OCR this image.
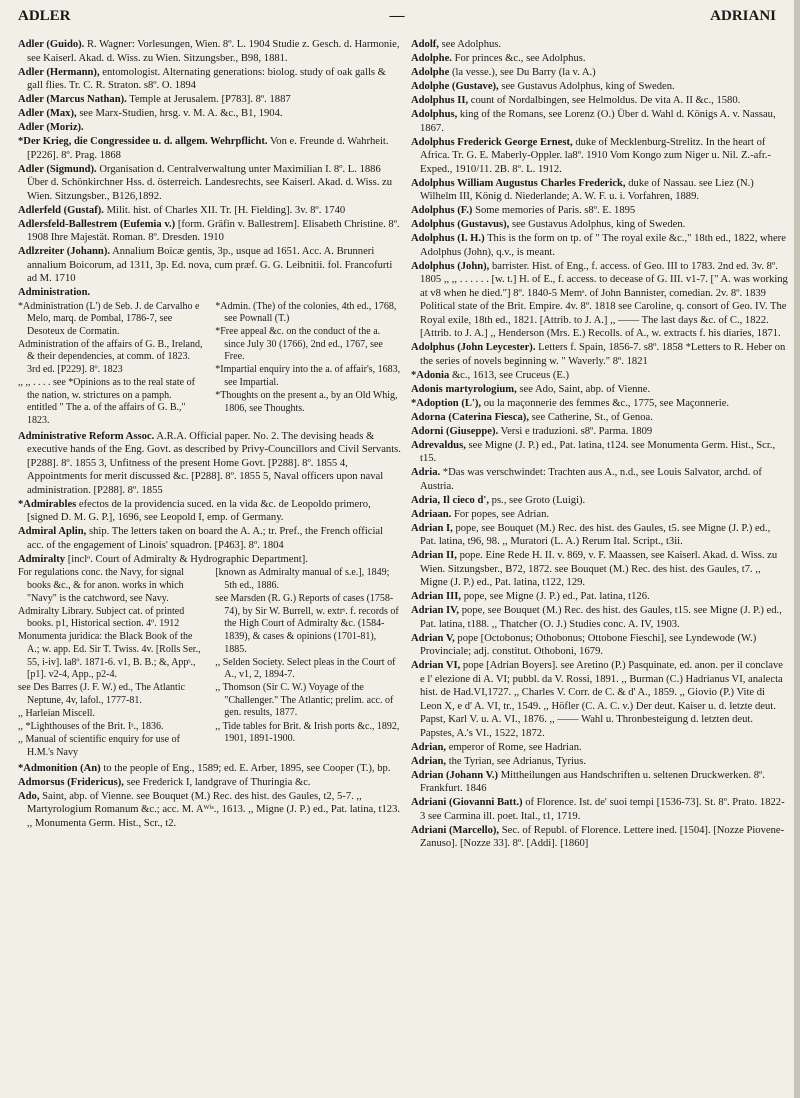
ADLER	—	ADRIANI
Adler (Guido). R. Wagner: Vorlesungen, Wien. 8º. L. 1904 Studie z. Gesch. d. Harmonie, see Kaiserl. Akad. d. Wiss. zu Wien. Sitzungsber., B98, 1881.
Adler (Hermann), entomologist. Alternating generations: biolog. study of oak galls & gall flies. Tr. C. R. Straton. s8º. O. 1894
Adler (Marcus Nathan). Temple at Jerusalem. [P783]. 8º. 1887
Adler (Max), see Marx-Studien, hrsg. v. M. A. &c., B1, 1904.
Adler (Moriz).
*Der Krieg, die Congressidee u. d. allgem. Wehrpflicht. Von e. Freunde d. Wahrheit. [P226]. 8º. Prag. 1868
Adler (Sigmund). Organisation d. Centralverwaltung unter Maximilian I. 8º. L. 1886 Über d. Schönkirchner Hss. d. österreich. Landesrechts, see Kaiserl. Akad. d. Wiss. zu Wien. Sitzungsber., B126,1892.
Adlerfeld (Gustaf). Milit. hist. of Charles XII. Tr. [H. Fielding]. 3v. 8º. 1740
Adlersfeld-Ballestrem (Eufemia v.) [form. Gräfin v. Ballestrem]. Elisabeth Christine. 8º. 1908 Ihre Majestät. Roman. 8º. Dresden. 1910
Adlzreiter (Johann). Annalium Boicæ gentis, 3p., usque ad 1651. Acc. A. Brunneri annalium Boicorum, ad 1311, 3p. Ed. nova, cum præf. G. G. Leibnitii. fol. Francofurti ad M. 1710
Administration.
*Administration (L') de Seb. J. de Carvalho e Melo, marq. de Pombal, 1786-7, see Desoteux de Cormatin.
Administration of the affairs of G. B., Ireland, & their dependencies, at comm. of 1823. 3rd ed. [P229]. 8º. 1823
,, ,, . . . . see *Opinions as to the real state of the nation, w. strictures on a pamph. entitled " The a. of the affairs of G. B.," 1823.
*Admin. (The) of the colonies, 4th ed., 1768, see Pownall (T.)
*Free appeal &c. on the conduct of the a. since July 30 (1766), 2nd ed., 1767, see Free.
*Impartial enquiry into the a. of affair's, 1683, see Impartial.
*Thoughts on the present a., by an Old Whig, 1806, see Thoughts.
Administrative Reform Assoc. A.R.A. Official paper. No. 2. The devising heads & executive hands of the Eng. Govt. as described by Privy-Councillors and Civil Servants. [P288]. 8º. 1855 3, Unfitness of the present Home Govt. [P288]. 8º. 1855 4, Appointments for merit discussed &c. [P288]. 8º. 1855 5, Naval officers upon naval administration. [P288]. 8º. 1855
*Admirables efectos de la providencia suced. en la vida &c. de Leopoldo primero, [signed D. M. G. P.], 1696, see Leopold I, emp. of Germany.
Admiral Aplin, ship. The letters taken on board the A. A.; tr. Pref., the French official acc. of the engagement of Linois' squadron. [P463]. 8º. 1804
Admiralty [inclᵒ. Court of Admiralty & Hydrographic Department].
For regulations conc. the Navy, for signal books &c., & for anon. works in which "Navy" is the catchword, see Navy.
Admiralty Library. Subject cat. of printed books. p1, Historical section. 4º. 1912
Monumenta juridica: the Black Book of the A.; w. app. Ed. Sir T. Twiss. 4v. [Rolls Ser., 55, i-iv]. la8º. 1871-6. v1, B. B.; &, Appˢ., [p1]. v2-4, App., p2-4.
see Des Barres (J. F. W.) ed., The Atlantic Neptune, 4v, lafol., 1777-81.
,, Harleian Miscell.
,, *Lighthouses of the Brit. Iˢ., 1836.
,, Manual of scientific enquiry for use of H.M.'s Navy
[known as Admiralty manual of s.e.], 1849; 5th ed., 1886.
see Marsden (R. G.) Reports of cases (1758-74), by Sir W. Burrell, w. extrˢ. f. records of the High Court of Admiralty &c. (1584-1839), & cases & opinions (1701-81), 1885.
,, Selden Society. Select pleas in the Court of A., v1, 2, 1894-7.
,, Thomson (Sir C. W.) Voyage of the "Challenger." The Atlantic; prelim. acc. of gen. results, 1877.
,, Tide tables for Brit. & Irish ports &c., 1892, 1901, 1891-1900.
*Admonition (An) to the people of Eng., 1589; ed. E. Arber, 1895, see Cooper (T.), bp.
Admorsus (Fridericus), see Frederick I, landgrave of Thuringia &c.
Ado, Saint, abp. of Vienne. see Bouquet (M.) Rec. des hist. des Gaules, t2, 5-7. ,, Martyrologium Romanum &c.; acc. M. Aᵂⁱˢ., 1613. ,, Migne (J. P.) ed., Pat. latina, t123. ,, Monumenta Germ. Hist., Scr., t2.
Adolf, see Adolphus.
Adolphe. For princes &c., see Adolphus.
Adolphe (la vesse.), see Du Barry (la v. A.)
Adolphe (Gustave), see Gustavus Adolphus, king of Sweden.
Adolphus II, count of Nordalbingen, see Helmoldus. De vita A. II &c., 1580.
Adolphus, king of the Romans, see Lorenz (O.) Über d. Wahl d. Königs A. v. Nassau, 1867.
Adolphus Frederick George Ernest, duke of Mecklenburg-Strelitz. In the heart of Africa. Tr. G. E. Maberly-Oppler. la8º. 1910 Vom Kongo zum Niger u. Nil. Z.-afr.-Exped., 1910/11. 2B. 8º. L. 1912.
Adolphus William Augustus Charles Frederick, duke of Nassau. see Liez (N.) Wilhelm III, König d. Niederlande; A. W. F. u. i. Vorfahren, 1889.
Adolphus (F.) Some memories of Paris. s8º. E. 1895
Adolphus (Gustavus), see Gustavus Adolphus, king of Sweden.
Adolphus (I. H.) This is the form on tp. of " The royal exile &c.," 18th ed., 1822, where Adolphus (John), q.v., is meant.
Adolphus (John), barrister. Hist. of Eng., f. access. of Geo. III to 1783. 2nd ed. 3v. 8º. 1805 ,, ,, . . . . . . [w. t.] H. of E., f. access. to decease of G. III. v1-7. [" A. was working at v8 when he died."] 8º. 1840-5 Memˢ. of John Bannister, comedian. 2v. 8º. 1839 Political state of the Brit. Empire. 4v. 8º. 1818 see Caroline, q. consort of Geo. IV. The Royal exile, 18th ed., 1821. [Attrib. to J. A.] ,, —— The last days &c. of C., 1822. [Attrib. to J. A.] ,, Henderson (Mrs. E.) Recolls. of A., w. extracts f. his diaries, 1871.
Adolphus (John Leycester). Letters f. Spain, 1856-7. s8º. 1858 *Letters to R. Heber on the series of novels beginning w. " Waverly." 8º. 1821
*Adonia &c., 1613, see Cruceus (E.)
Adonis martyrologium, see Ado, Saint, abp. of Vienne.
*Adoption (L'), ou la maçonnerie des femmes &c., 1775, see Maçonnerie.
Adorna (Caterina Fiesca), see Catherine, St., of Genoa.
Adorni (Giuseppe). Versi e traduzioni. s8º. Parma. 1809
Adrevaldus, see Migne (J. P.) ed., Pat. latina, t124. see Monumenta Germ. Hist., Scr., t15.
Adria. *Das was verschwindet: Trachten aus A., n.d., see Louis Salvator, archd. of Austria.
Adria, Il cieco d', ps., see Groto (Luigi).
Adriaan. For popes, see Adrian.
Adrian I, pope, see Bouquet (M.) Rec. des hist. des Gaules, t5. see Migne (J. P.) ed., Pat. latina, t96, 98. ,, Muratori (L. A.) Rerum Ital. Script., t3ii.
Adrian II, pope. Eine Rede H. II. v. 869, v. F. Maassen, see Kaiserl. Akad. d. Wiss. zu Wien. Sitzungsber., B72, 1872. see Bouquet (M.) Rec. des hist. des Gaules, t7. ,, Migne (J. P.) ed., Pat. latina, t122, 129.
Adrian III, pope, see Migne (J. P.) ed., Pat. latina, t126.
Adrian IV, pope, see Bouquet (M.) Rec. des hist. des Gaules, t15. see Migne (J. P.) ed., Pat. latina, t188. ,, Thatcher (O. J.) Studies conc. A. IV, 1903.
Adrian V, pope [Octobonus; Othobonus; Ottobone Fieschi], see Lyndewode (W.) Provinciale; adj. constitut. Othoboni, 1679.
Adrian VI, pope [Adrian Boyers]. see Aretino (P.) Pasquinate, ed. anon. per il conclave e l' elezione di A. VI; pubbl. da V. Rossi, 1891. ,, Burman (C.) Hadrianus VI, analecta hist. de Had.VI,1727. ,, Charles V. Corr. de C. & d' A., 1859. ,, Giovio (P.) Vite di Leon X, e d' A. VI, tr., 1549. ,, Höfler (C. A. C. v.) Der deut. Kaiser u. d. letzte deut. Papst, Karl V. u. A. VI., 1876. ,, —— Wahl u. Thronbesteigung d. letzten deut. Papstes, A.'s VI., 1522, 1872.
Adrian, emperor of Rome, see Hadrian.
Adrian, the Tyrian, see Adrianus, Tyrius.
Adrian (Johann V.) Mittheilungen aus Handschriften u. seltenen Druckwerken. 8º. Frankfurt. 1846
Adriani (Giovanni Batt.) of Florence. Ist. de' suoi tempi [1536-73]. St. 8º. Prato. 1822-3 see Carmina ill. poet. Ital., t1, 1719.
Adriani (Marcello), Sec. of Republ. of Florence. Lettere ined. [1504]. [Nozze Piovene-Zanuso]. [Nozze 33]. 8º. [Addi]. [1860]
